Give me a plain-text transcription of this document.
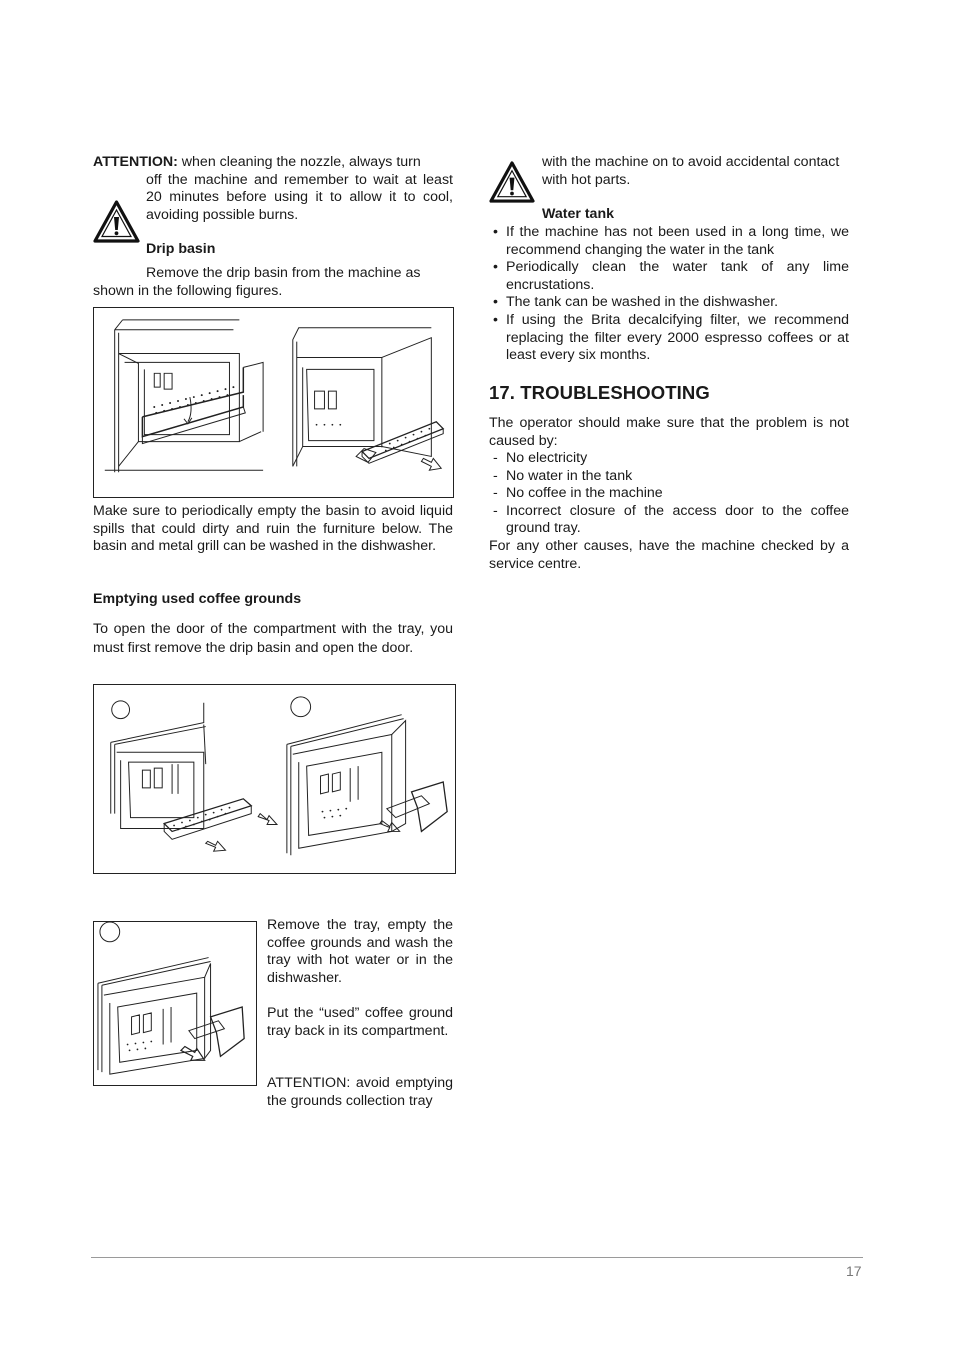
ATTENTION: when cleaning the nozzle, always turn
off the machine and remember to wait at least 20 minutes before using it to allow it to cool, avoiding possible burns.
Drip basin
Remove the drip basin from the machine as
shown in the following figures.
Make sure to periodically empty the basin to avoid liquid spills that could dirty and ruin the furniture below. The basin and metal grill can be washed in the dishwasher.
Emptying used coffee grounds
To open the door of the compartment with the tray, you must first remove the drip basin and open the door.
Remove the tray, empty the coffee grounds and wash the tray with hot water or in the dishwasher.
Put the “used” coffee ground tray back in its compartment.
ATTENTION: avoid emptying the grounds collection tray
with the machine on to avoid accidental contact with hot parts.
Water tank
• If the machine has not been used in a long time, we recommend changing the water in the tank
• Periodically clean the water tank of any lime encrustations.
• The tank can be washed in the dishwasher.
• If using the Brita decalcifying filter, we recommend replacing the filter every 2000 espresso coffees or at least every six months.
17. TROUBLESHOOTING
The operator should make sure that the problem is not caused by:
- No electricity
- No water in the tank
- No coffee in the machine
- Incorrect closure of the access door to the coffee ground tray.
For any other causes, have the machine checked by a service centre.
17
